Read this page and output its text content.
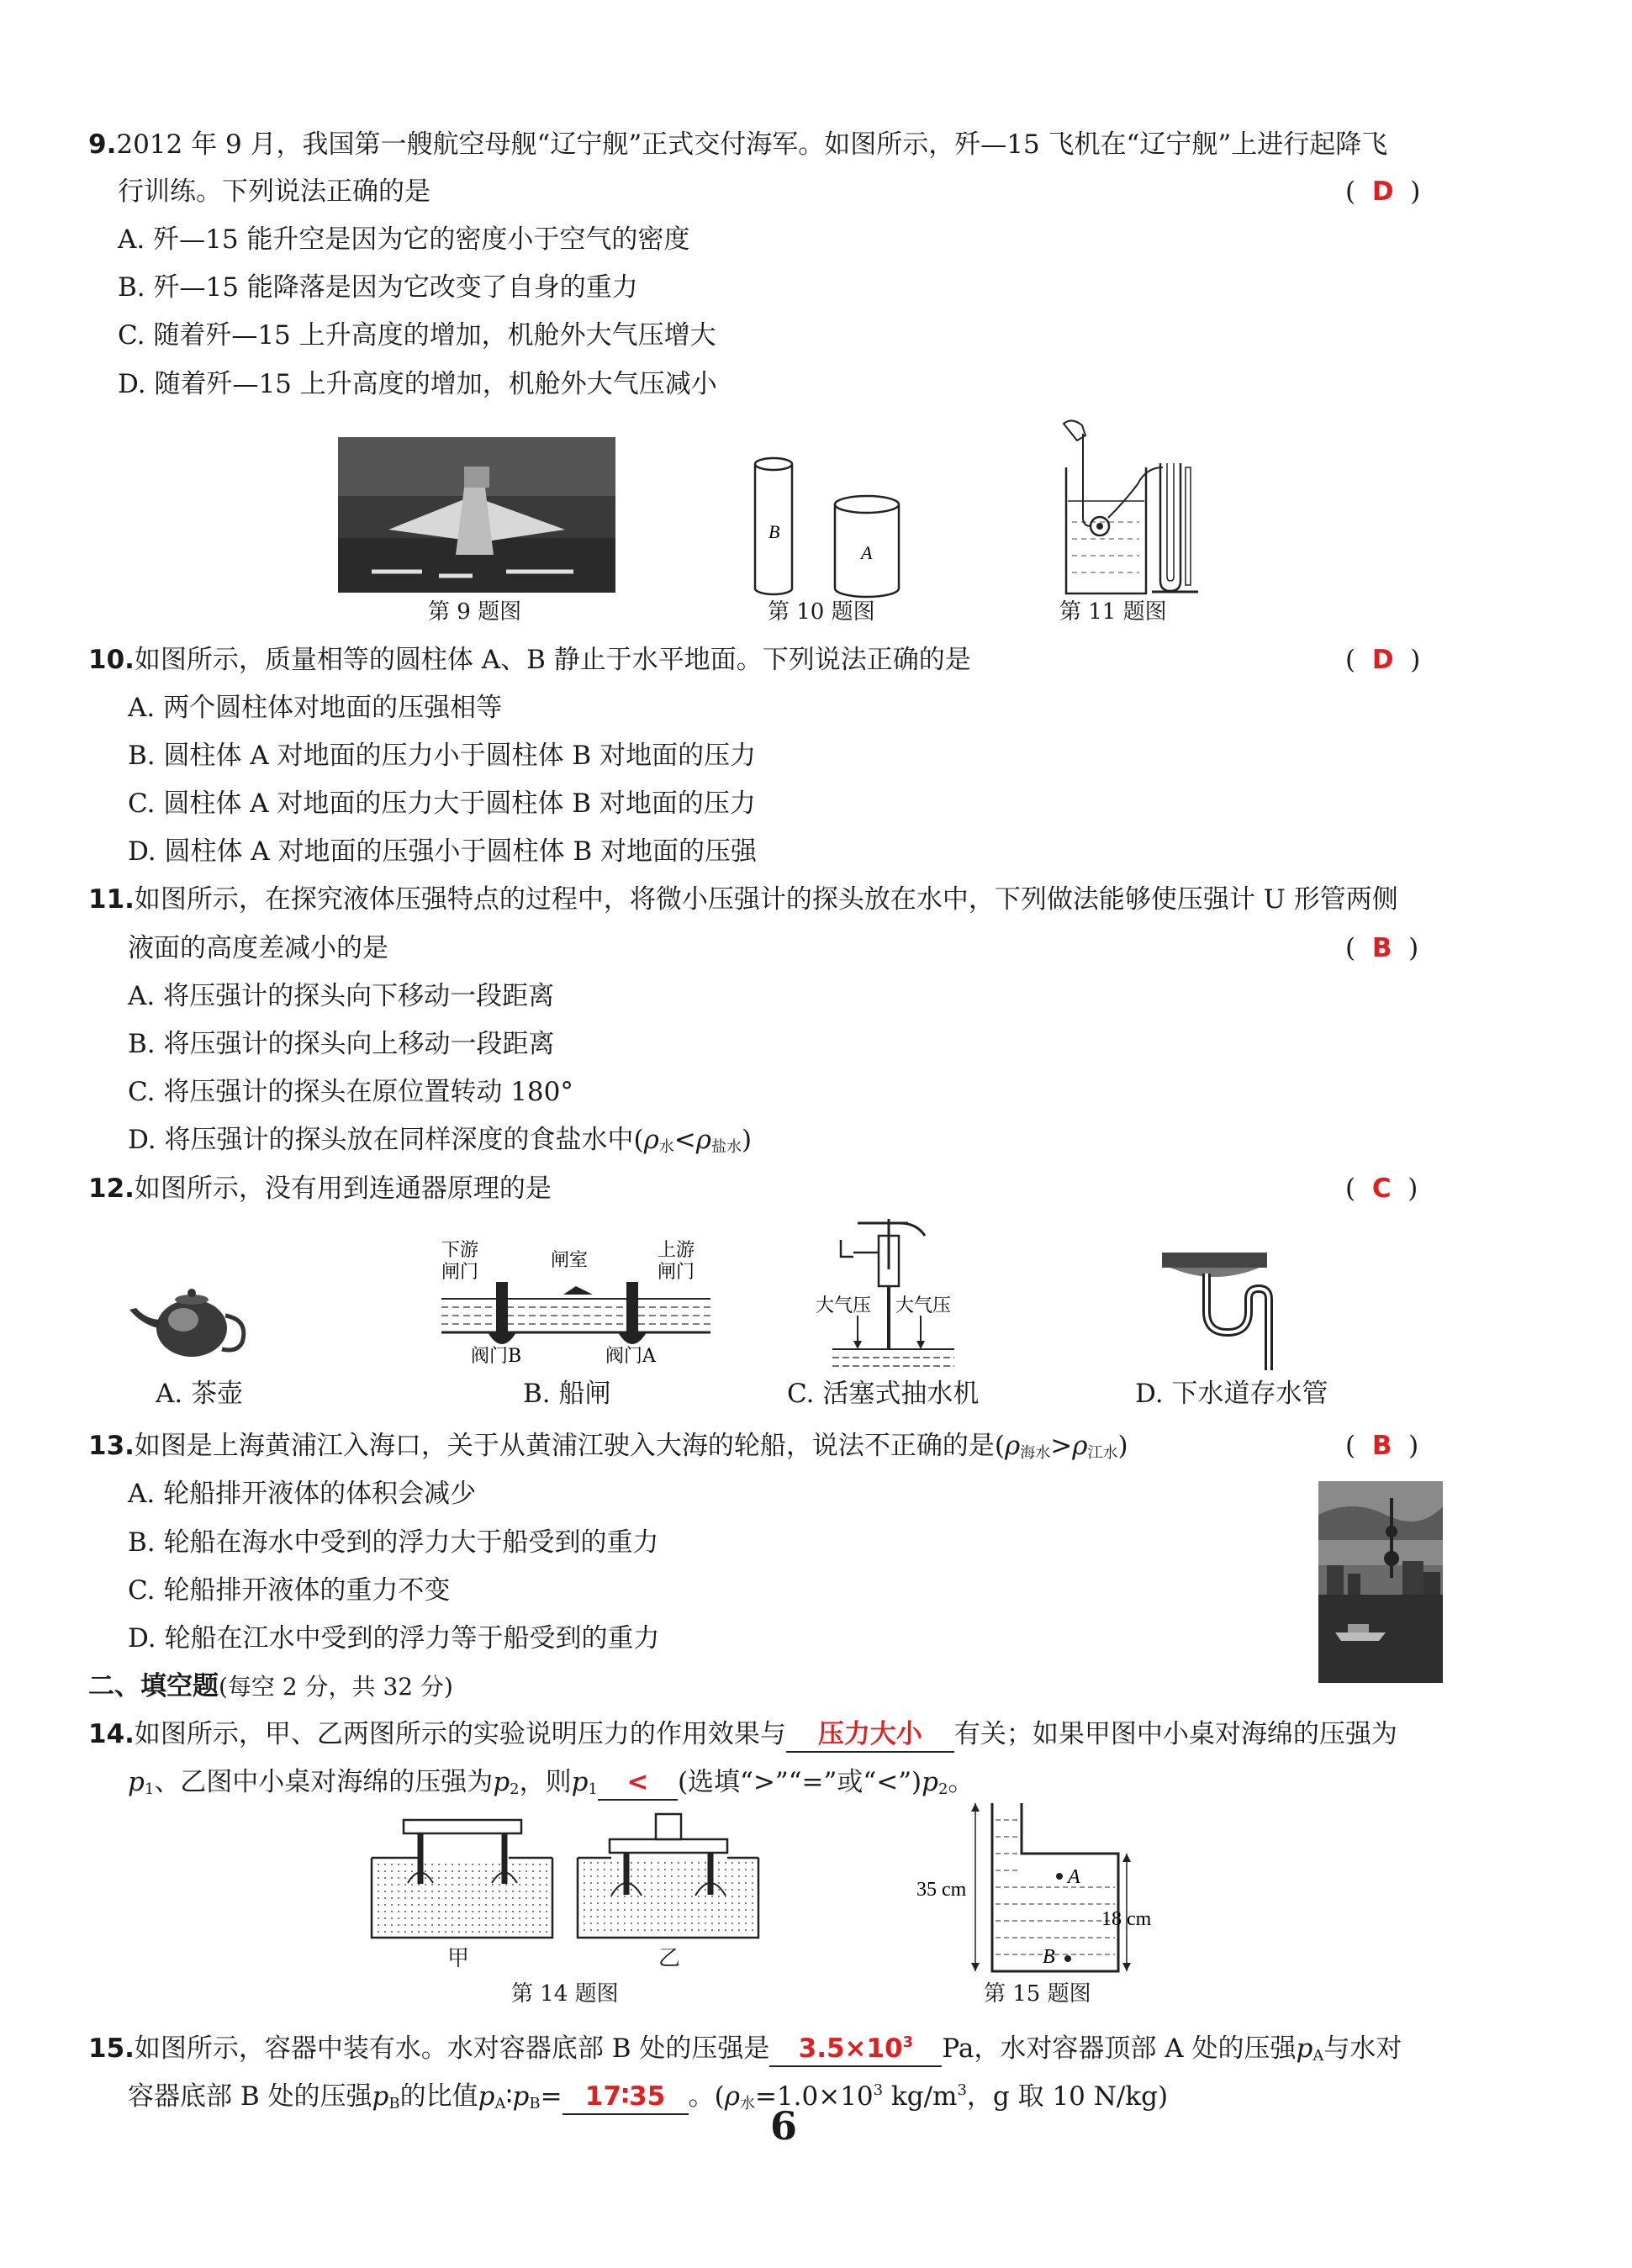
9.2012 年 9 月，我国第一艘航空母舰“辽宁舰”正式交付海军。如图所示，歼—15 飞机在“辽宁舰”上进行起降飞
行训练。下列说法正确的是	(  D  )
A. 歼—15 能升空是因为它的密度小于空气的密度
B. 歼—15 能降落是因为它改变了自身的重力
C. 随着歼—15 上升高度的增加，机舱外大气压增大
D. 随着歼—15 上升高度的增加，机舱外大气压减小
第 9 题图
B
A
第 10 题图	第 11 题图
10.如图所示，质量相等的圆柱体 A、B 静止于水平地面。下列说法正确的是	(  D  )
A. 两个圆柱体对地面的压强相等
B. 圆柱体 A 对地面的压力小于圆柱体 B 对地面的压力
C. 圆柱体 A 对地面的压力大于圆柱体 B 对地面的压力
D. 圆柱体 A 对地面的压强小于圆柱体 B 对地面的压强
11.如图所示，在探究液体压强特点的过程中，将微小压强计的探头放在水中，下列做法能够使压强计 U 形管两侧
液面的高度差减小的是	(  B  )
A. 将压强计的探头向下移动一段距离
B. 将压强计的探头向上移动一段距离
C. 将压强计的探头在原位置转动 180°
D. 将压强计的探头放在同样深度的食盐水中$(\rho_水<\rho_{盐水})$
12.如图所示，没有用到连通器原理的是	(  C  )
A. 茶壶
下游
闸门
闸室	上游
闸门
阀门B	阀门A
B. 船闸
大气压 大气压
C. 活塞式抽水机	D. 下水道存水管
13.如图是上海黄浦江入海口，关于从黄浦江驶入大海的轮船，说法不正确的是$(\rho_{海水}>\rho_{江水})$	(  B  )
A. 轮船排开液体的体积会减少
B. 轮船在海水中受到的浮力大于船受到的重力
C. 轮船排开液体的重力不变
D. 轮船在江水中受到的浮力等于船受到的重力
二、填空题(每空 2 分，共 32 分)
14.如图所示，甲、乙两图所示的实验说明压力的作用效果与 压力大小 有关；如果甲图中小桌对海绵的压强为
$p_1$、乙图中小桌对海绵的压强为$p_2$，则$p_1$ < (选填“>”“=”或“$<”)p_2$。
甲	乙
第 14 题图
A
B
35 cm
18 cm
第 15 题图
15.如图所示，容器中装有水。水对容器底部 B 处的压强是 $3.5\times 10^3$ Pa，水对容器顶部 A 处的压强$p_A$与水对
容器底部 B 处的压强$p_B$的比值$p_A∶p_B=$ 17∶35 。($\rho_水=1.0\times 10^3$ $kg/m^3$，g 取 10 N/kg)
6
